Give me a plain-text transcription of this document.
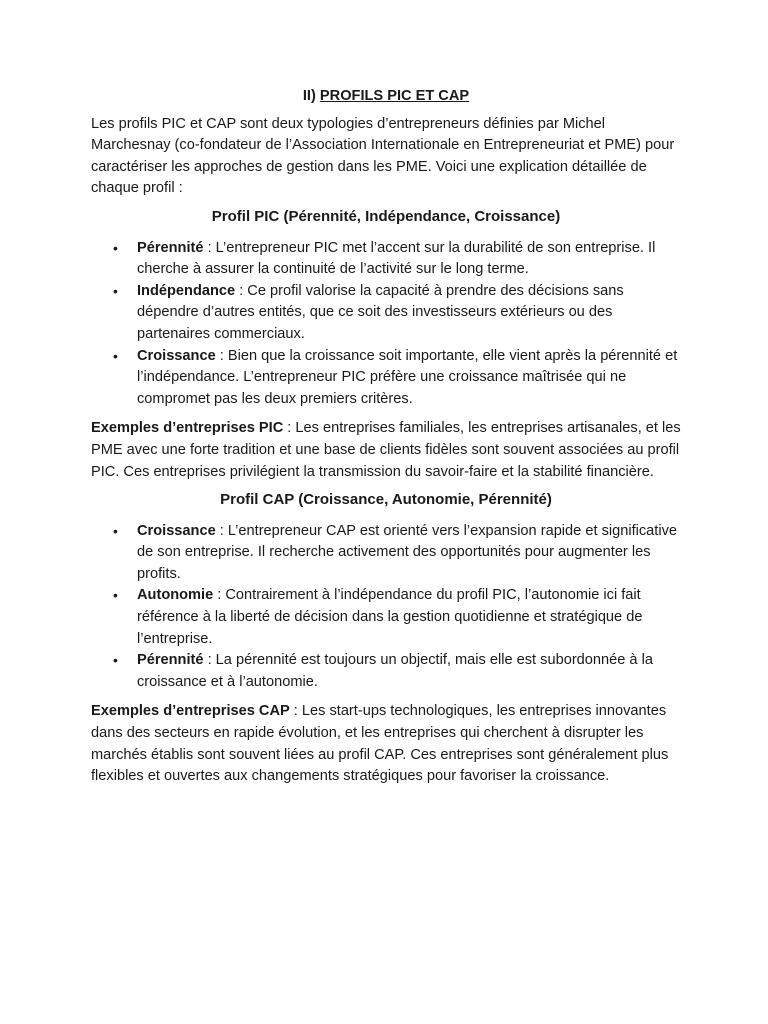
II) PROFILS PIC ET CAP

Les profils PIC et CAP sont deux typologies d’entrepreneurs définies par Michel Marchesnay (co-fondateur de l’Association Internationale en Entrepreneuriat et PME) pour caractériser les approches de gestion dans les PME. Voici une explication détaillée de chaque profil :

Profil PIC (Pérennité, Indépendance, Croissance)
• Pérennité : L’entrepreneur PIC met l’accent sur la durabilité de son entreprise. Il cherche à assurer la continuité de l’activité sur le long terme.
• Indépendance : Ce profil valorise la capacité à prendre des décisions sans dépendre d’autres entités, que ce soit des investisseurs extérieurs ou des partenaires commerciaux.
• Croissance : Bien que la croissance soit importante, elle vient après la pérennité et l’indépendance. L’entrepreneur PIC préfère une croissance maîtrisée qui ne compromet pas les deux premiers critères.

Exemples d’entreprises PIC : Les entreprises familiales, les entreprises artisanales, et les PME avec une forte tradition et une base de clients fidèles sont souvent associées au profil PIC. Ces entreprises privilégient la transmission du savoir-faire et la stabilité financière.

Profil CAP (Croissance, Autonomie, Pérennité)
• Croissance : L’entrepreneur CAP est orienté vers l’expansion rapide et significative de son entreprise. Il recherche activement des opportunités pour augmenter les profits.
• Autonomie : Contrairement à l’indépendance du profil PIC, l’autonomie ici fait référence à la liberté de décision dans la gestion quotidienne et stratégique de l’entreprise.
• Pérennité : La pérennité est toujours un objectif, mais elle est subordonnée à la croissance et à l’autonomie.

Exemples d’entreprises CAP : Les start-ups technologiques, les entreprises innovantes dans des secteurs en rapide évolution, et les entreprises qui cherchent à disrupter les marchés établis sont souvent liées au profil CAP. Ces entreprises sont généralement plus flexibles et ouvertes aux changements stratégiques pour favoriser la croissance.
